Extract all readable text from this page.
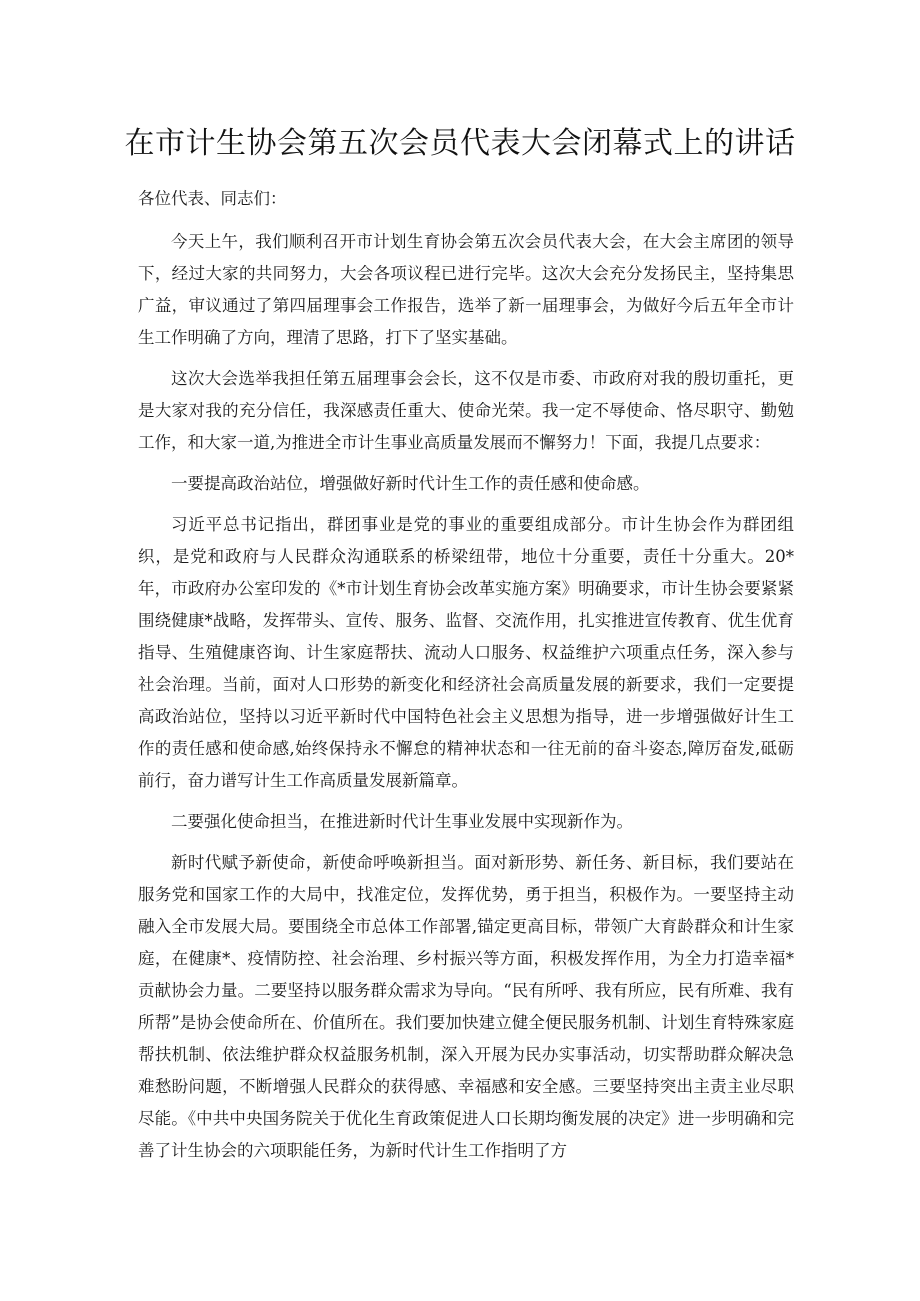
在市计生协会第五次会员代表大会闭幕式上的讲话

各位代表、同志们：

今天上午，我们顺利召开市计划生育协会第五次会员代表大会，在大会主席团的领导下，经过大家的共同努力，大会各项议程已进行完毕。这次大会充分发扬民主，坚持集思广益，审议通过了第四届理事会工作报告，选举了新一届理事会，为做好今后五年全市计生工作明确了方向，理清了思路，打下了坚实基础。

这次大会选举我担任第五届理事会会长，这不仅是市委、市政府对我的殷切重托，更是大家对我的充分信任，我深感责任重大、使命光荣。我一定不辱使命、恪尽职守、勤勉工作，和大家一道,为推进全市计生事业高质量发展而不懈努力！下面，我提几点要求：

一要提高政治站位，增强做好新时代计生工作的责任感和使命感。

习近平总书记指出，群团事业是党的事业的重要组成部分。市计生协会作为群团组织，是党和政府与人民群众沟通联系的桥梁纽带，地位十分重要，责任十分重大。20*年，市政府办公室印发的《*市计划生育协会改革实施方案》明确要求，市计生协会要紧紧围绕健康*战略，发挥带头、宣传、服务、监督、交流作用，扎实推进宣传教育、优生优育指导、生殖健康咨询、计生家庭帮扶、流动人口服务、权益维护六项重点任务，深入参与社会治理。当前，面对人口形势的新变化和经济社会高质量发展的新要求，我们一定要提高政治站位，坚持以习近平新时代中国特色社会主义思想为指导，进一步增强做好计生工作的责任感和使命感,始终保持永不懈怠的精神状态和一往无前的奋斗姿态,障厉奋发,砥砺前行，奋力谱写计生工作高质量发展新篇章。

二要强化使命担当，在推进新时代计生事业发展中实现新作为。

新时代赋予新使命，新使命呼唤新担当。面对新形势、新任务、新目标，我们要站在服务党和国家工作的大局中，找准定位，发挥优势，勇于担当，积极作为。一要坚持主动融入全市发展大局。要围绕全市总体工作部署,锚定更高目标，带领广大育龄群众和计生家庭，在健康*、疫情防控、社会治理、乡村振兴等方面，积极发挥作用，为全力打造幸福*贡献协会力量。二要坚持以服务群众需求为导向。“民有所呼、我有所应，民有所难、我有所帮”是协会使命所在、价值所在。我们要加快建立健全便民服务机制、计划生育特殊家庭帮扶机制、依法维护群众权益服务机制，深入开展为民办实事活动，切实帮助群众解决急难愁盼问题，不断增强人民群众的获得感、幸福感和安全感。三要坚持突出主责主业尽职尽能。《中共中央国务院关于优化生育政策促进人口长期均衡发展的决定》进一步明确和完善了计生协会的六项职能任务，为新时代计生工作指明了方
